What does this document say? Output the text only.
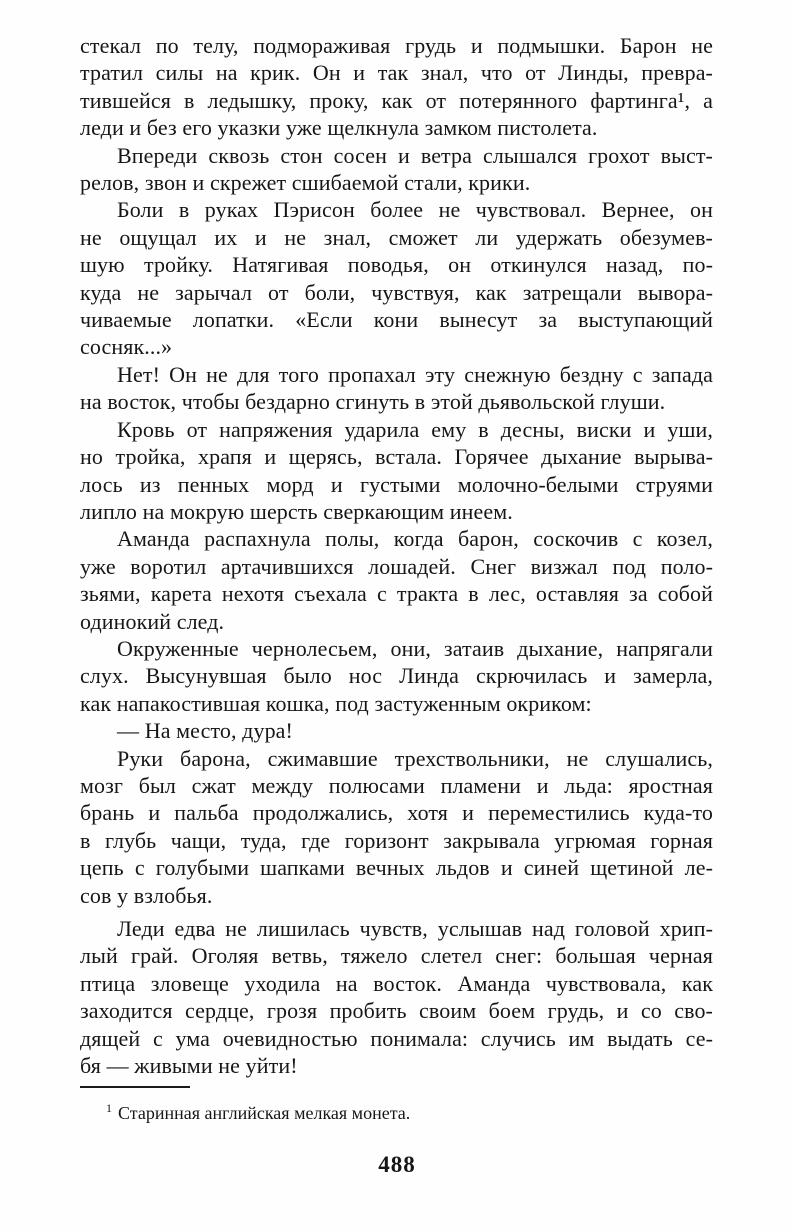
стекал по телу, подмораживая грудь и подмышки. Барон не
тратил силы на крик. Он и так знал, что от Линды, превра-
тившейся в ледышку, проку, как от потерянного фартинга¹, а
леди и без его указки уже щелкнула замком пистолета.
Впереди сквозь стон сосен и ветра слышался грохот выст-
релов, звон и скрежет сшибаемой стали, крики.
Боли в руках Пэрисон более не чувствовал. Вернее, он
не ощущал их и не знал, сможет ли удержать обезумев-
шую тройку. Натягивая поводья, он откинулся назад, по-
куда не зарычал от боли, чувствуя, как затрещали вывора-
чиваемые лопатки. «Если кони вынесут за выступающий
сосняк...»
Нет! Он не для того пропахал эту снежную бездну с запада
на восток, чтобы бездарно сгинуть в этой дьявольской глуши.
Кровь от напряжения ударила ему в десны, виски и уши,
но тройка, храпя и щерясь, встала. Горячее дыхание вырыва-
лось из пенных морд и густыми молочно-белыми струями
липло на мокрую шерсть сверкающим инеем.
Аманда распахнула полы, когда барон, соскочив с козел,
уже воротил артачившихся лошадей. Снег визжал под поло-
зьями, карета нехотя съехала с тракта в лес, оставляя за собой
одинокий след.
Окруженные чернолесьем, они, затаив дыхание, напрягали
слух. Высунувшая было нос Линда скрючилась и замерла,
как напакостившая кошка, под застуженным окриком:
— На место, дура!
Руки барона, сжимавшие трехствольники, не слушались,
мозг был сжат между полюсами пламени и льда: яростная
брань и пальба продолжались, хотя и переместились куда-то
в глубь чащи, туда, где горизонт закрывала угрюмая горная
цепь с голубыми шапками вечных льдов и синей щетиной ле-
сов у взлобья.
Леди едва не лишилась чувств, услышав над головой хрип-
лый грай. Оголяя ветвь, тяжело слетел снег: большая черная
птица зловеще уходила на восток. Аманда чувствовала, как
заходится сердце, грозя пробить своим боем грудь, и со сво-
дящей с ума очевидностью понимала: случись им выдать се-
бя — живыми не уйти!
$^1$ Старинная английская мелкая монета.
488
